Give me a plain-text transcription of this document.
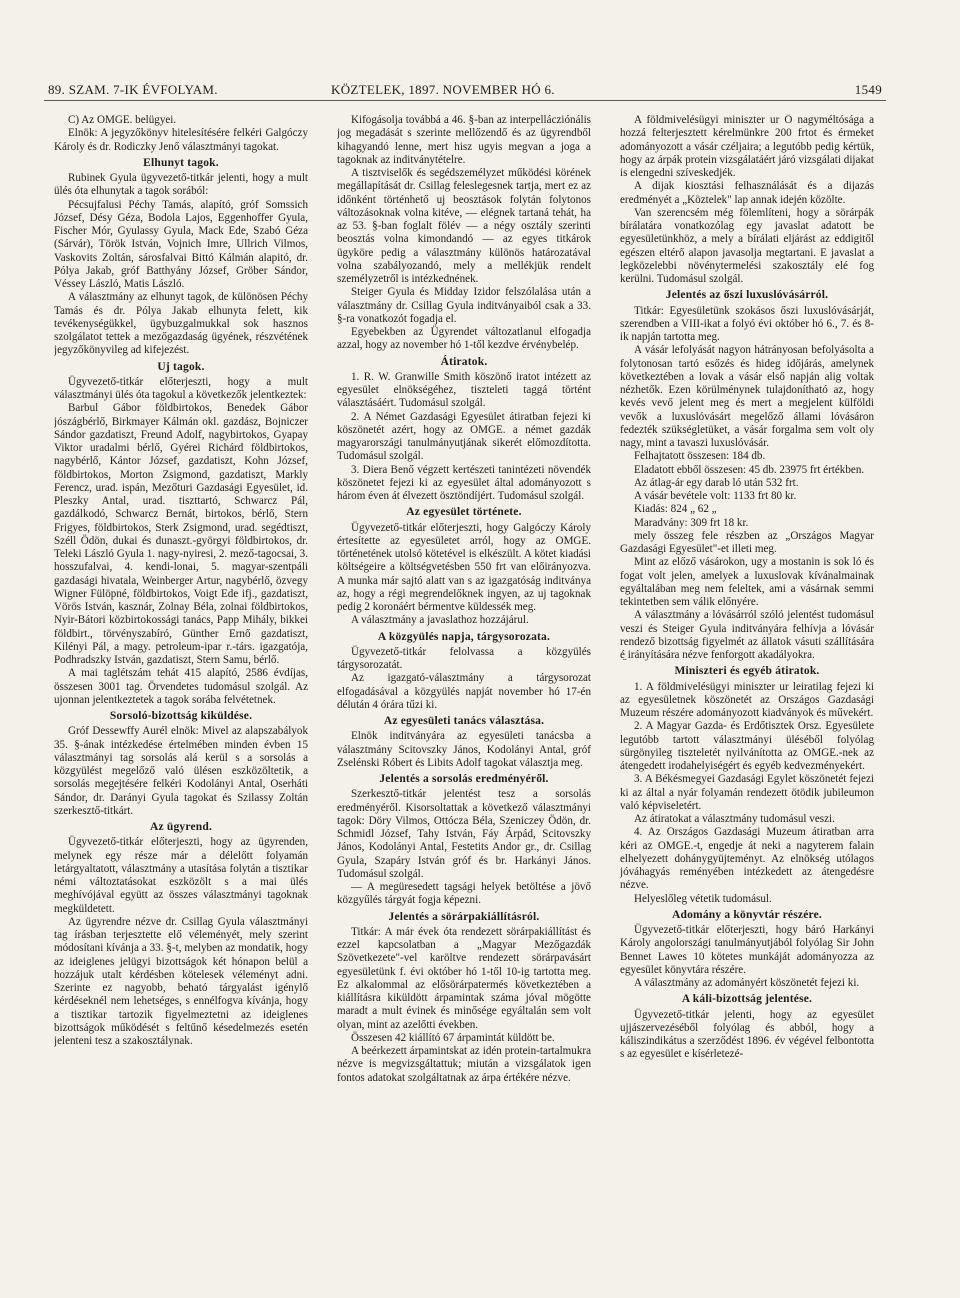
89. SZAM. 7-IK ÉVFOLYAM.	KÖZTELEK, 1897. NOVEMBER HÓ 6.	1549

C) Az OMGE. belügyei.

Elnök: A jegyzőkönyv hitelesítésére felkéri Galgóczy Károly és dr. Rodiczky Jenő választmányi tagokat.

Elhunyt tagok.

Rubinek Gyula ügyvezető-titkár jelenti, hogy a mult ülés óta elhunytak a tagok sorából:

Pécsujfalusi Péchy Tamás, alapító, gróf Somssich József, Désy Géza, Bodola Lajos, Eggenhoffer Gyula, Fischer Mór, Gyulassy Gyula, Mack Ede, Szabó Géza (Sárvár), Török István, Vojnich Imre, Ullrich Vilmos, Vaskovits Zoltán, sárosfalvai Bittó Kálmán alapitó, dr. Pólya Jakab, gróf Batthyány József, Gröber Sándor, Véssey László, Matis László.

A választmány az elhunyt tagok, de különösen Péchy Tamás és dr. Pólya Jakab elhunyta felett, kik tevékenységükkel, ügybuzgalmukkal sok hasznos szolgálatot tettek a mezőgazdaság ügyének, részvétének jegyzőkönyvileg ad kifejezést.

Uj tagok.

Ügyvezető-titkár előterjeszti, hogy a mult választmányi ülés óta tagokul a következők jelentkeztek:

Barbul Gábor földbirtokos, Benedek Gábor jószágbérlő, Birkmayer Kálmán okl. gazdász, Bojniczer Sándor gazdatiszt, Freund Adolf, nagybirtokos, Gyapay Viktor uradalmi bérlő, Gyérei Richárd földbirtokos, nagybérlő, Kántor József, gazdatiszt, Kohn József, földbirtokos, Morton Zsigmond, gazdatiszt, Markly Ferencz, urad. ispán, Mezőturi Gazdasági Egyesület, id. Pleszky Antal, urad. tiszttartó, Schwarcz Pál, gazdálkodó, Schwarcz Bernát, birtokos, bérlő, Stern Frigyes, földbirtokos, Sterk Zsigmond, urad. segédtiszt, Széll Ödön, dukai és dunaszt.-györgyi földbirtokos, dr. Teleki László Gyula 1. nagy-nyiresi, 2. mező-tagocsai, 3. hosszufalvai, 4. kendi-lonai, 5. magyar-szentpáli gazdasági hivatala, Weinberger Artur, nagybérlő, özvegy Wigner Fülöpné, földbirtokos, Voigt Ede ifj., gazdatiszt, Vörös István, kasznár, Zolnay Béla, zolnai földbirtokos, Nyir-Bátori közbirtokossági tanács, Papp Mihály, bikkei földbirt., törvényszabíró, Günther Ernő gazdatiszt, Kilényi Pál, a magy. petroleum-ipar r.-társ. igazgatója, Podhradszky István, gazdatiszt, Stern Samu, bérlő.

A mai taglétszám tehát 415 alapító, 2586 évdíjas, összesen 3001 tag. Örvendetes tudomásul szolgál. Az ujonnan jelentkeztetek a tagok sorába felvétetnek.

Sorsoló-bizottság kiküldése.

Gróf Dessewffy Aurél elnök: Mivel az alapszabályok 35. §-ának intézkedése értelmében minden évben 15 választmányi tag sorsolás alá kerül s a sorsolás a közgyülést megelőző való ülésen eszközöltetik, a sorsolás megejtésére felkéri Kodolányi Antal, Oserháti Sándor, dr. Darányi Gyula tagokat és Szilassy Zoltán szerkesztő-titkárt.

Az ügyrend.

Ügyvezető-titkár előterjeszti, hogy az ügyrenden, melynek egy része már a délelőtt folyamán letárgyaltatott, választmány a utasítása folytán a tisztikar némi változtatásokat eszközölt s a mai ülés meghívójával együtt az összes választmányi tagoknak megküldetett.

Az ügyrendre nézve dr. Csillag Gyula választmányi tag írásban terjesztette elő véleményét, mely szerint módosítani kívánja a 33. §-t, melyben az mondatik, hogy az ideiglenes jelügyi bizottságok két hónapon belül a hozzájuk utalt kérdésben kötelesek véleményt adni. Szerinte ez nagyobb, beható tárgyalást igénylő kérdéseknél nem lehetséges, s ennélfogva kívánja, hogy a tisztikar tartozik figyelmeztetni az ideiglenes bizottságok működését s feltűnő késedelmezés esetén jelenteni tesz a szakosztálynak.

Kifogásolja továbbá a 46. §-ban az interpellácziónális jog megadását s szerinte mellőzendő és az ügyrendből kihagyandó lenne, mert hisz ugyis megvan a joga a tagoknak az inditványtételre.

A tisztviselők és segédszemélyzet működési körének megállapítását dr. Csillag feleslegesnek tartja, mert ez az időnként történhető uj beosztások folytán folytonos változásoknak volna kitéve, — elégnek tartaná tehát, ha az 53. §-ban foglalt fölév — a négy osztály szerinti beosztás volna kimondandó — az egyes titkárok ügyköre pedig a választmány különös határozatával volna szabályozandó, mely a mellékjük rendelt személyzetről is intézkednének.

Steiger Gyula és Midday Izidor felszólalása után a választmány dr. Csillag Gyula inditványaiból csak a 33. §-ra vonatkozót fogadja el.

Egyebekben az Ügyrendet változatlanul elfogadja azzal, hogy az november hó 1-től kezdve érvénybelép.

Átiratok.

1. R. W. Granwille Smith köszönő iratot intézett az egyesület elnökségéhez, tiszteleti taggá történt választásáért. Tudomásul szolgál.

2. A Német Gazdasági Egyesület átiratban fejezi ki köszönetét azért, hogy az OMGE. a német gazdák magyarországi tanulmányutjának sikerét előmozdította. Tudomásul szolgál.

3. Diera Benő végzett kertészeti tanintézeti növendék köszönetet fejezi ki az egyesület által adományozott s három éven át élvezett ösztöndíjért. Tudomásul szolgál.

Az egyesület története.

Ügyvezető-titkár előterjeszti, hogy Galgóczy Károly értesítette az egyesületet arról, hogy az OMGE. történetének utolsó kötetével is elkészült. A kötet kiadási költségeire a költségvetésben 550 frt van előirányozva. A munka már sajtó alatt van s az igazgatóság inditványa az, hogy a régi megrendelőknek ingyen, az uj tagoknak pedig 2 koronáért bérmentve küldessék meg.

A választmány a javaslathoz hozzájárul.

A közgyülés napja, tárgysorozata.

Ügyvezető-titkár felolvassa a közgyülés tárgysorozatát.

Az igazgató-választmány a tárgysorozat elfogadásával a közgyülés napját november hó 17-én délután 4 órára tűzi ki.

Az egyesületi tanács választása.

Elnök inditványára az egyesületi tanácsba a választmány Scitovszky János, Kodolányi Antal, gróf Zselénski Róbert és Libits Adolf tagokat választja meg.

Jelentés a sorsolás eredményéről.

Szerkesztő-titkár jelentést tesz a sorsolás eredményéről. Kisorsoltattak a következő választmányi tagok: Döry Vilmos, Ottócza Béla, Szeniczey Ödön, dr. Schmidl József, Tahy István, Fáy Árpád, Scitovszky János, Kodolányi Antal, Festetits Andor gr., dr. Csillag Gyula, Szapáry István gróf és br. Harkányi János. Tudomásul szolgál.

— A megüresedett tagsági helyek betöltése a jövő közgyűlés tárgyát fogja képezni.

Jelentés a sörárpakiállításról.

Titkár: A már évek óta rendezett sörárpakiállítást és ezzel kapcsolatban a „Magyar Mezőgazdák Szövetkezete"-vel karöltve rendezett sörárpavásárt egyesületünk f. évi október hó 1-től 10-ig tartotta meg. Ez alkalommal az elősörárpatermés következtében a kiállításra kiküldött árpamintak száma jóval mögötte maradt a mult évinek és minősége egyáltalán sem volt olyan, mint az azelőtti években.

Összesen 42 kiállító 67 árpamintát küldött be.

A beérkezett árpamintskat az idén protein-tartalmukra nézve is megvizsgáltattuk; miután a vizsgálatok igen fontos adatokat szolgáltatnak az árpa értékére nézve.

A földmivelésügyi miniszter ur Ő nagyméltósága a hozzá felterjesztett kérelmünkre 200 frtot és érmeket adományozott a vásár czéljaira; a legutóbb pedig kértük, hogy az árpák protein vizsgálatáért járó vizsgálati dijakat is elengedni szíveskedjék.

A dijak kiosztási felhasználását és a dijazás eredményét a „Köztelek" lap annak idején közölte.

Van szerencsém még fölemlíteni, hogy a sörárpák bírálatára vonatkozólag egy javaslat adatott be egyesületünkhöz, a mely a bírálati eljárást az eddigitől egészen eltérő alapon javasolja megtartani. E javaslat a legközelebbi növénytermelési szakosztály elé fog kerülni. Tudomásul szolgál.

Jelentés az őszi luxuslóvásárról.

Titkár: Egyesületünk szokásos őszi luxuslóvásárját, szerendben a VIII-ikat a folyó évi október hó 6., 7. és 8-ik napján tartotta meg.

A vásár lefolyását nagyon hátrányosan befolyásolta a folytonosan tartó esőzés és hideg időjárás, amelynek következtében a lovak a vásár első napján alig voltak nézhetők. Ezen körülménynek tulajdonítható az, hogy kevés vevő jelent meg és mert a megjelent külföldi vevők a luxuslóvásárt megelőző állami lóvásáron fedezték szükségletüket, a vásár forgalma sem volt oly nagy, mint a tavaszi luxuslóvásár.

Felhajtatott összesen: 184 db.

Eladatott ebből összesen: 45 db. 23975 frt értékben.

Az átlag-ár egy darab ló után 532 frt.

A vásár bevétele volt: 1133 frt 80 kr.

Kiadás: 824 „ 62 „

Maradvány: 309 frt 18 kr.

mely összeg fele részben az „Országos Magyar Gazdasági Egyesület"-et illeti meg.

Mint az előző vásárokon, ugy a mostanin is sok ló és fogat volt jelen, amelyek a luxuslovak kívánalmainak egyáltalában meg nem feleltek, ami a vásárnak semmi tekintetben sem válik előnyére.

A választmány a lóvásárról szóló jelentést tudomásul veszi és Steiger Gyula inditványára felhívja a lóvásár rendező bizottság figyelmét az állatok vásuti szállítására é̤ irányítására nézve fenforgott akadályokra.

Miniszteri és egyéb átiratok.

1. A földmivelésügyi miniszter ur leiratilag fejezi ki az egyesületnek köszönetét az Országos Gazdasági Muzeum részére adományozott kiadványok és művekért.

2. A Magyar Gazda- és Erdőtisztek Orsz. Egyesülete legutóbb tartott választmányi üléséből folyólag sürgönyileg tiszteletét nyilvánította az OMGE.-nek az átengedett irodahelyiségért és egyéb kedvezményekért.

3. A Békésmegyei Gazdasági Egylet köszönetét fejezi ki az által a nyár folyamán rendezett ötödik jubileumon való képviseletért.

Az átiratokat a választmány tudomásul veszi.

4. Az Országos Gazdasági Muzeum átiratban arra kéri az OMGE.-t, engedje át neki a nagyterem falain elhelyezett dohánygyüjteményt. Az elnökség utólagos jóváhagyás reményében intézkedett az átengedésre nézve.

Helyeslőleg vétetik tudomásul.

Adomány a könyvtár részére.

Ügyvezető-titkár előterjeszti, hogy báró Harkányi Károly angolországi tanulmányutjából folyólag Sir John Bennet Lawes 10 kötetes munkáját adományozza az egyesület könyvtára részére.

A választmány az adományért köszönetét fejezi ki.

A káli-bizottság jelentése.

Ügyvezető-titkár jelenti, hogy az egyesület ujjászervezéséből folyólag és abból, hogy a káliszindikátus a szerződést 1896. év végével felbontotta s az egyesület e kísérletezé-
